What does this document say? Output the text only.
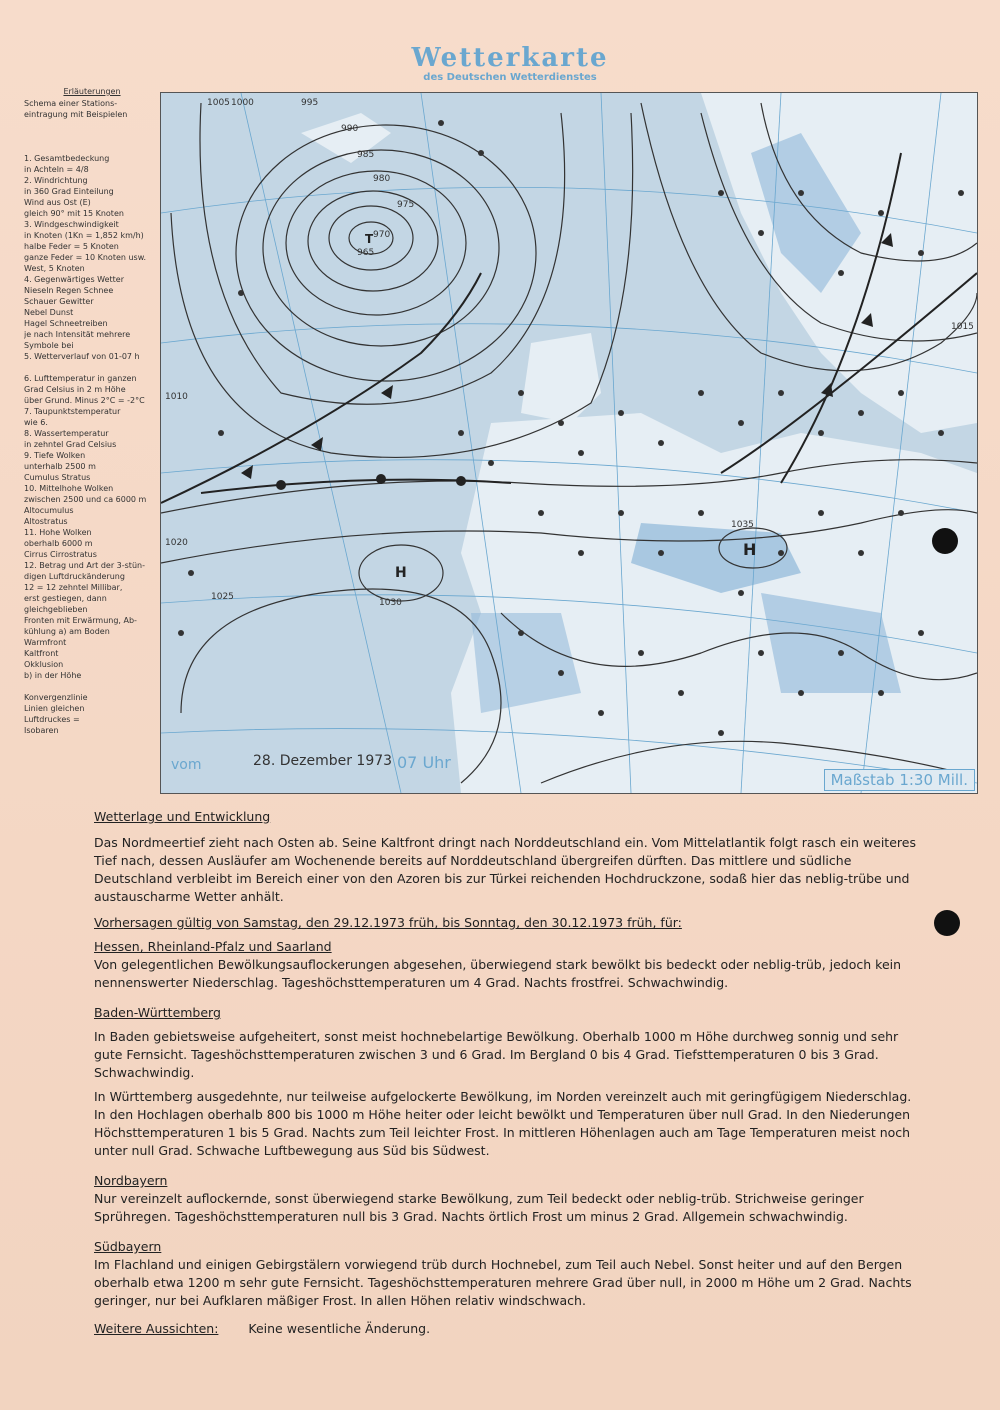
Wetterkarte
des Deutschen Wetterdienstes
Erläuterungen
Schema einer Stations-
eintragung mit Beispielen

1. Gesamtbedeckung
in Achteln = 4/8
2. Windrichtung
in 360 Grad Einteilung
Wind aus Ost (E)
gleich 90° mit 15 Knoten
3. Windgeschwindigkeit
in Knoten (1Kn = 1,852 km/h)
halbe Feder = 5 Knoten
ganze Feder = 10 Knoten usw.
West, 5 Knoten
4. Gegenwärtiges Wetter
Nieseln Regen Schnee
Schauer Gewitter
Nebel Dunst
Hagel Schneetreiben
je nach Intensität mehrere
Symbole bei
5. Wetterverlauf von 01-07 h

6. Lufttemperatur in ganzen
Grad Celsius in 2 m Höhe
über Grund. Minus 2°C = -2°C
7. Taupunktstemperatur
wie 6.
8. Wassertemperatur
in zehntel Grad Celsius
9. Tiefe Wolken
unterhalb 2500 m
Cumulus Stratus
10. Mittelhohe Wolken
zwischen 2500 und ca 6000 m
Altocumulus
Altostratus
11. Hohe Wolken
oberhalb 6000 m
Cirrus Cirrostratus
12. Betrag und Art der 3-stün-
digen Luftdruckänderung
12 = 12 zehntel Millibar,
erst gestiegen, dann
gleichgeblieben
Fronten mit Erwärmung, Ab-
kühlung a) am Boden
Warmfront
Kaltfront
Okklusion
b) in der Höhe

Konvergenzlinie
Linien gleichen
Luftdruckes =
Isobaren
965
970
975
980
985
990
995
1000
1005
1010
1015
1020
1025
1030
1035
T
H
H
vom	28. Dezember 1973 07 Uhr
Maßstab 1:30 Mill.

Wetterlage und Entwicklung

Das Nordmeertief zieht nach Osten ab. Seine Kaltfront dringt nach Norddeutschland ein. Vom Mittelatlantik folgt rasch ein weiteres Tief nach, dessen Ausläufer am Wochenende bereits auf Norddeutschland übergreifen dürften. Das mittlere und südliche Deutschland verbleibt im Bereich einer von den Azoren bis zur Türkei reichenden Hochdruckzone, sodaß hier das neblig-trübe und austauscharme Wetter anhält.

Vorhersagen gültig von Samstag, den 29.12.1973 früh, bis Sonntag, den 30.12.1973 früh, für:

Hessen, Rheinland-Pfalz und Saarland

Von gelegentlichen Bewölkungsauflockerungen abgesehen, überwiegend stark bewölkt bis bedeckt oder neblig-trüb, jedoch kein nennenswerter Niederschlag. Tageshöchsttemperaturen um 4 Grad. Nachts frostfrei. Schwachwindig.

Baden-Württemberg

In Baden gebietsweise aufgeheitert, sonst meist hochnebelartige Bewölkung. Oberhalb 1000 m Höhe durchweg sonnig und sehr gute Fernsicht. Tageshöchsttemperaturen zwischen 3 und 6 Grad. Im Bergland 0 bis 4 Grad. Tiefsttemperaturen 0 bis 3 Grad. Schwachwindig.

In Württemberg ausgedehnte, nur teilweise aufgelockerte Bewölkung, im Norden vereinzelt auch mit geringfügigem Niederschlag. In den Hochlagen oberhalb 800 bis 1000 m Höhe heiter oder leicht bewölkt und Temperaturen über null Grad. In den Niederungen Höchsttemperaturen 1 bis 5 Grad. Nachts zum Teil leichter Frost. In mittleren Höhenlagen auch am Tage Temperaturen meist noch unter null Grad. Schwache Luftbewegung aus Süd bis Südwest.

Nordbayern

Nur vereinzelt auflockernde, sonst überwiegend starke Bewölkung, zum Teil bedeckt oder neblig-trüb. Strichweise geringer Sprühregen. Tageshöchsttemperaturen null bis 3 Grad. Nachts örtlich Frost um minus 2 Grad. Allgemein schwachwindig.

Südbayern

Im Flachland und einigen Gebirgstälern vorwiegend trüb durch Hochnebel, zum Teil auch Nebel. Sonst heiter und auf den Bergen oberhalb etwa 1200 m sehr gute Fernsicht. Tageshöchsttemperaturen mehrere Grad über null, in 2000 m Höhe um 2 Grad. Nachts geringer, nur bei Aufklaren mäßiger Frost. In allen Höhen relativ windschwach.

Weitere Aussichten: Keine wesentliche Änderung.
